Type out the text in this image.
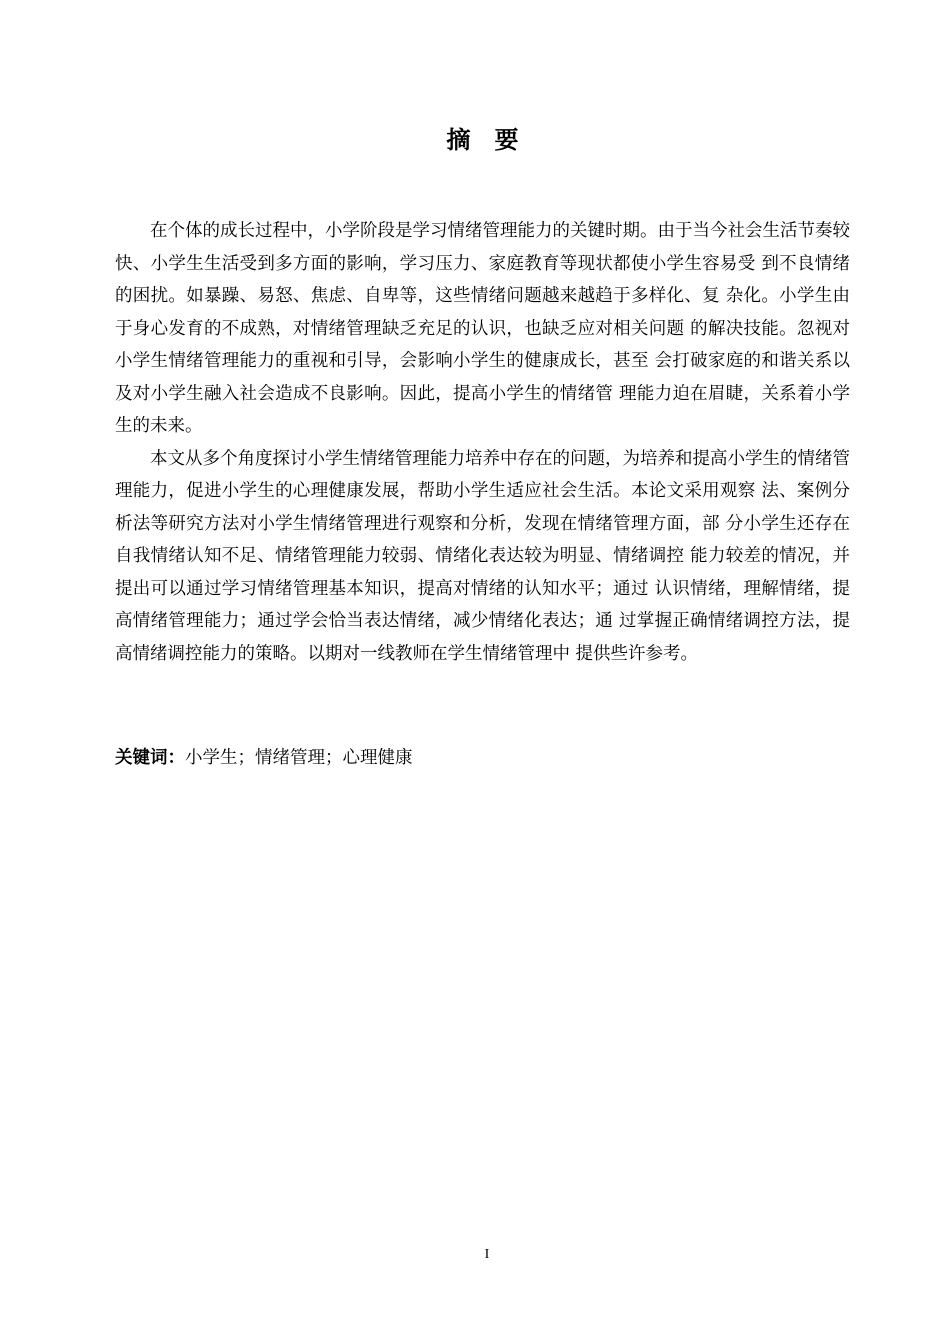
摘 要

在个体的成长过程中，小学阶段是学习情绪管理能力的关键时期。由于当今社会生活节奏较快、小学生生活受到多方面的影响，学习压力、家庭教育等现状都使小学生容易受 到不良情绪的困扰。如暴躁、易怒、焦虑、自卑等，这些情绪问题越来越趋于多样化、复 杂化。小学生由于身心发育的不成熟，对情绪管理缺乏充足的认识，也缺乏应对相关问题 的解决技能。忽视对小学生情绪管理能力的重视和引导，会影响小学生的健康成长，甚至 会打破家庭的和谐关系以及对小学生融入社会造成不良影响。因此，提高小学生的情绪管 理能力迫在眉睫，关系着小学生的未来。

本文从多个角度探讨小学生情绪管理能力培养中存在的问题，为培养和提高小学生的情绪管理能力，促进小学生的心理健康发展，帮助小学生适应社会生活。本论文采用观察 法、案例分析法等研究方法对小学生情绪管理进行观察和分析，发现在情绪管理方面，部 分小学生还存在自我情绪认知不足、情绪管理能力较弱、情绪化表达较为明显、情绪调控 能力较差的情况，并提出可以通过学习情绪管理基本知识，提高对情绪的认知水平；通过 认识情绪，理解情绪，提高情绪管理能力；通过学会恰当表达情绪，减少情绪化表达；通 过掌握正确情绪调控方法，提高情绪调控能力的策略。以期对一线教师在学生情绪管理中 提供些许参考。

关键词：小学生；情绪管理；心理健康
I
